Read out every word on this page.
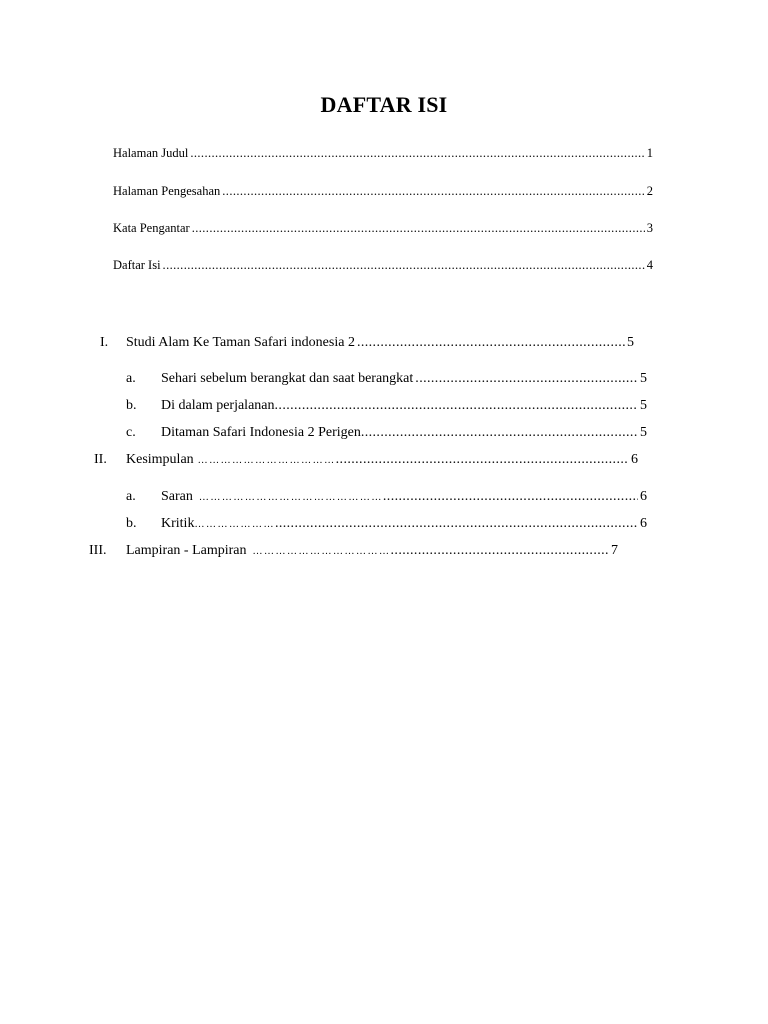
DAFTAR ISI
Halaman Judul .....	1
Halaman Pengesahan .....	2
Kata Pengantar .....	3
Daftar Isi .....	4
I. Studi Alam Ke Taman Safari indonesia 2 .....	5
a. Sehari sebelum berangkat dan saat berangkat .....	5
b. Di dalam perjalanan .....	5
c. Ditaman Safari Indonesia 2 Perigen .....	5
II. Kesimpulan ……………………………… .....	6
a. Saran ………………………………………… .....	6
b. Kritik ………………… .....	6
III. Lampiran - Lampiran ……………………………… .....	7
